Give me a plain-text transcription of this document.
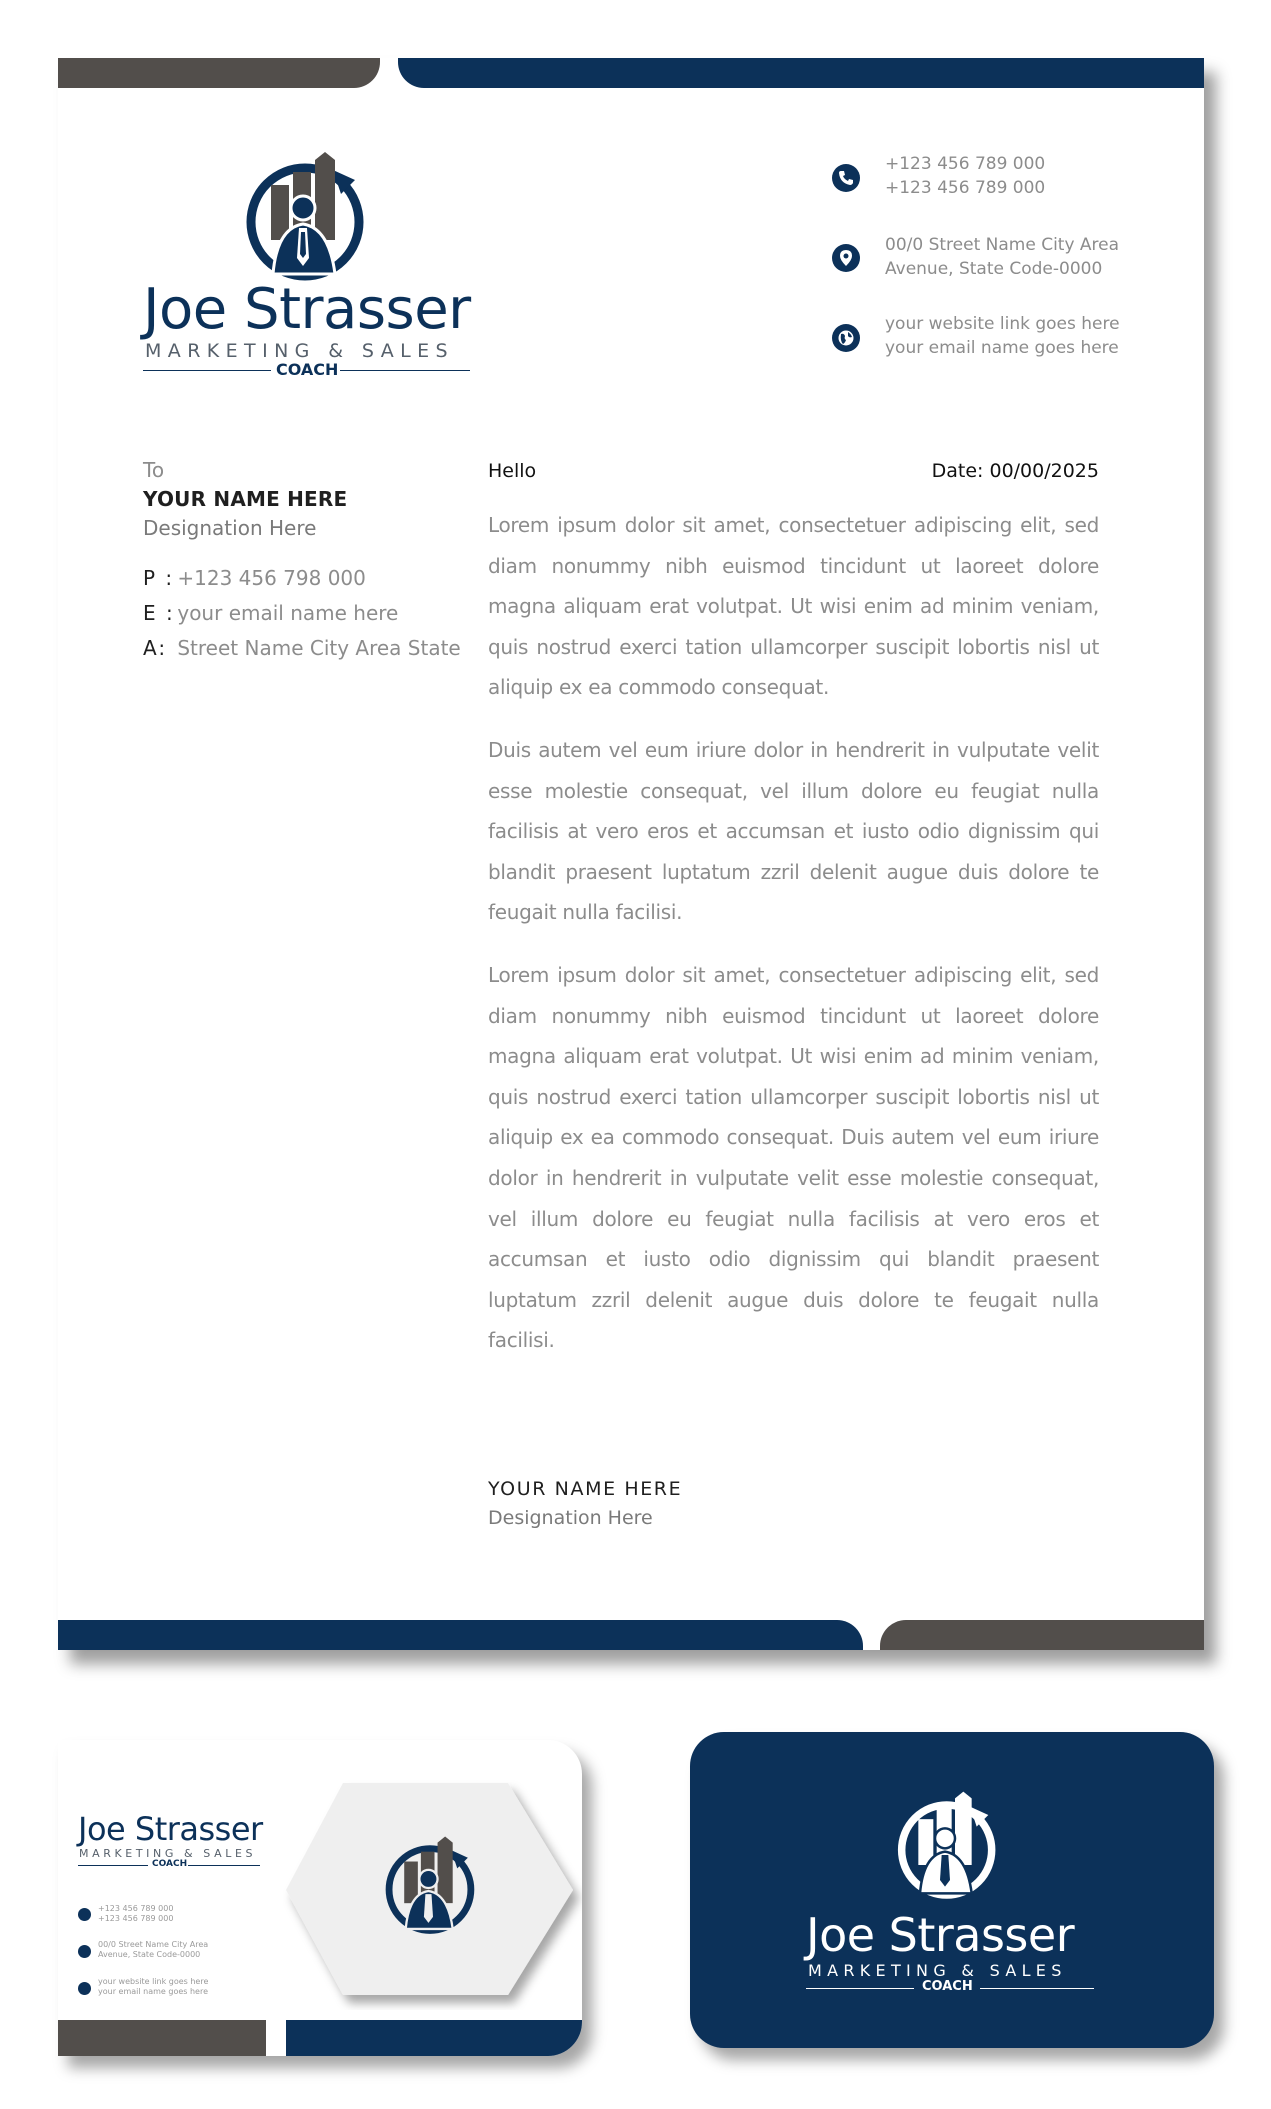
Joe Strasser
MARKETING & SALES
COACH
+123 456 789 000
+123 456 789 000
00/0 Street Name City Area
Avenue, State Code-0000
your website link goes here
your email name goes here
To
YOUR NAME HERE
Designation Here
P : +123 456 798 000
E : your email name here
A: Street Name City Area State
Hello	Date: 00/00/2025
Lorem ipsum dolor sit amet, consectetuer adipiscing elit, sed diam nonummy nibh euismod tincidunt ut laoreet dolore magna aliquam erat volutpat. Ut wisi enim ad minim veniam, quis nostrud exerci tation ullamcorper suscipit lobortis nisl ut aliquip ex ea commodo consequat.
Duis autem vel eum iriure dolor in hendrerit in vulputate velit esse molestie consequat, vel illum dolore eu feugiat nulla facilisis at vero eros et accumsan et iusto odio dignissim qui blandit praesent luptatum zzril delenit augue duis dolore te feugait nulla facilisi.
Lorem ipsum dolor sit amet, consectetuer adipiscing elit, sed diam nonummy nibh euismod tincidunt ut laoreet dolore magna aliquam erat volutpat. Ut wisi enim ad minim veniam, quis nostrud exerci tation ullamcorper suscipit lobortis nisl ut aliquip ex ea commodo consequat. Duis autem vel eum iriure dolor in hendrerit in vulputate velit esse molestie consequat, vel illum dolore eu feugiat nulla facilisis at vero eros et accumsan et iusto odio dignissim qui blandit praesent luptatum zzril delenit augue duis dolore te feugait nulla facilisi.
YOUR NAME HERE
Designation Here
Joe Strasser
MARKETING & SALES
COACH
+123 456 789 000
+123 456 789 000
00/0 Street Name City Area
Avenue, State Code-0000
your website link goes here
your email name goes here
Joe Strasser
MARKETING & SALES
COACH
